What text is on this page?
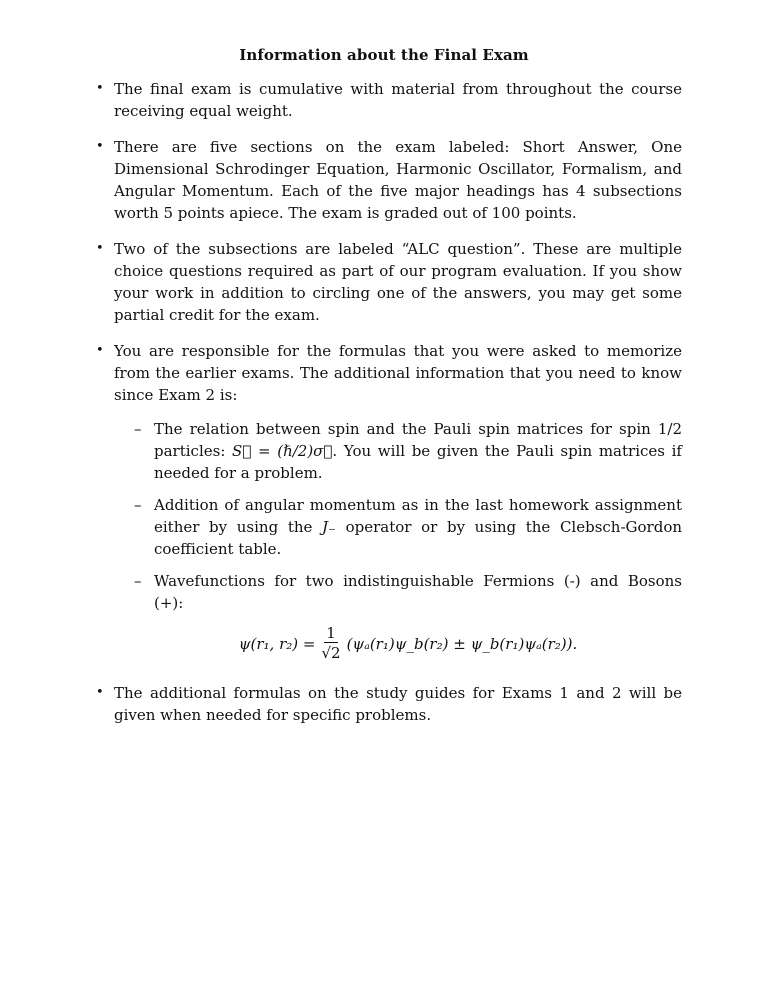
Information about the Final Exam
• The final exam is cumulative with material from throughout the course receiving equal weight.
• There are five sections on the exam labeled: Short Answer, One Dimensional Schrodinger Equation, Harmonic Oscillator, Formalism, and Angular Momentum. Each of the five major headings has 4 subsections worth 5 points apiece. The exam is graded out of 100 points.
• Two of the subsections are labeled “ALC question”. These are multiple choice questions required as part of our program evaluation. If you show your work in addition to circling one of the answers, you may get some partial credit for the exam.
• You are responsible for the formulas that you were asked to memorize from the earlier exams. The additional information that you need to know since Exam 2 is:
– The relation between spin and the Pauli spin matrices for spin 1/2 particles: S⃗ = (ℏ/2)σ⃗. You will be given the Pauli spin matrices if needed for a problem.
– Addition of angular momentum as in the last homework assignment either by using the J₋ operator or by using the Clebsch-Gordon coefficient table.
– Wavefunctions for two indistinguishable Fermions (-) and Bosons (+):
ψ(r₁, $r_2) = \frac{1}{√2}$ (ψₐ(r₁)ψ_b(r₂) ± ψ_b(r₁)ψₐ(r₂)).
• The additional formulas on the study guides for Exams 1 and 2 will be given when needed for specific problems.
